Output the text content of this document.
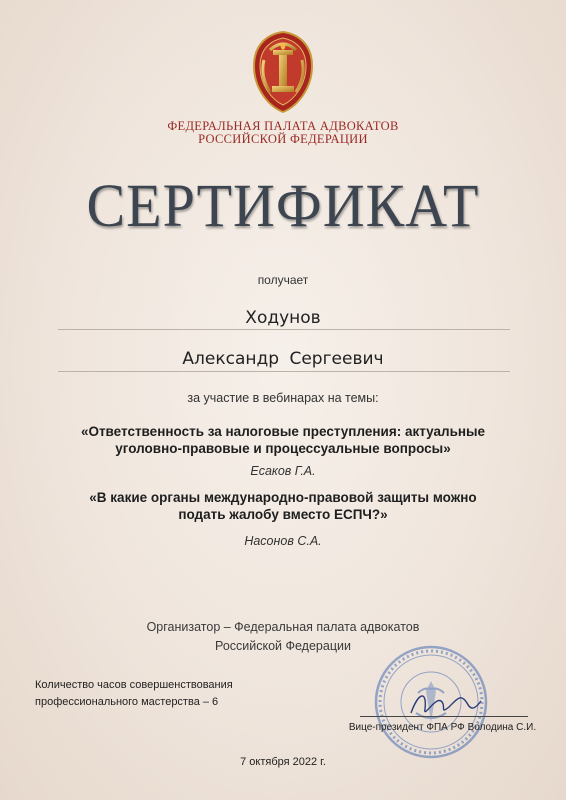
ФЕДЕРАЛЬНАЯ ПАЛАТА АДВОКАТОВ
РОССИЙСКОЙ ФЕДЕРАЦИИ
СЕРТИФИКАТ
получает
Ходунов
Александр Сергеевич
за участие в вебинарах на темы:
«Ответственность за налоговые преступления: актуальные
уголовно-правовые и процессуальные вопросы»
Есаков Г.А.
«В какие органы международно-правовой защиты можно
подать жалобу вместо ЕСПЧ?»
Насонов С.А.
Организатор – Федеральная палата адвокатов
Российской Федерации
Количество часов совершенствования
профессионального мастерства – 6
Вице-президент ФПА РФ Володина С.И.
7 октября 2022 г.
